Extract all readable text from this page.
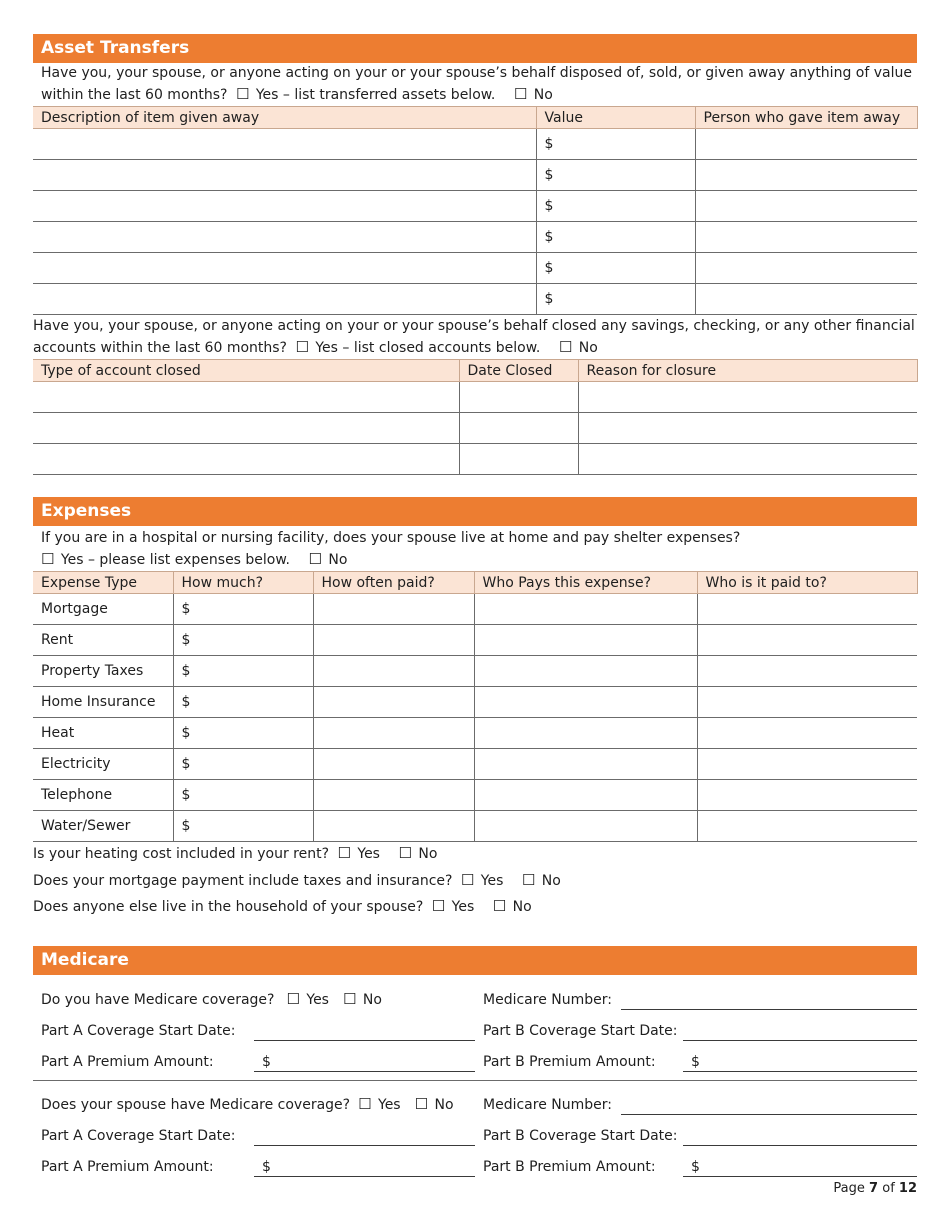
Asset Transfers
Have you, your spouse, or anyone acting on your or your spouse’s behalf disposed of, sold, or given away anything of value within the last 60 months? ☐ Yes – list transferred assets below. ☐ No
Description of item given away	Value	Person who gave item away
	$	
	$	
	$	
	$	
	$	
	$	
Have you, your spouse, or anyone acting on your or your spouse’s behalf closed any savings, checking, or any other financial accounts within the last 60 months? ☐ Yes – list closed accounts below. ☐ No
Type of account closed	Date Closed	Reason for closure

Expenses
If you are in a hospital or nursing facility, does your spouse live at home and pay shelter expenses?
☐ Yes – please list expenses below. ☐ No
Expense Type	How much?	How often paid?	Who Pays this expense?	Who is it paid to?
Mortgage	$			
Rent	$			
Property Taxes	$			
Home Insurance	$			
Heat	$			
Electricity	$			
Telephone	$			
Water/Sewer	$			
Is your heating cost included in your rent? ☐ Yes ☐ No
Does your mortgage payment include taxes and insurance? ☐ Yes ☐ No
Does anyone else live in the household of your spouse? ☐ Yes ☐ No
Medicare
Do you have Medicare coverage? ☐ Yes ☐ No	Medicare Number:
Part A Coverage Start Date:	Part B Coverage Start Date:
Part A Premium Amount:	$	Part B Premium Amount:	$
Does your spouse have Medicare coverage? ☐ Yes ☐ No Medicare Number:
Part A Coverage Start Date:	Part B Coverage Start Date:
Part A Premium Amount:	$	Part B Premium Amount:	$
Page 7 of 12
